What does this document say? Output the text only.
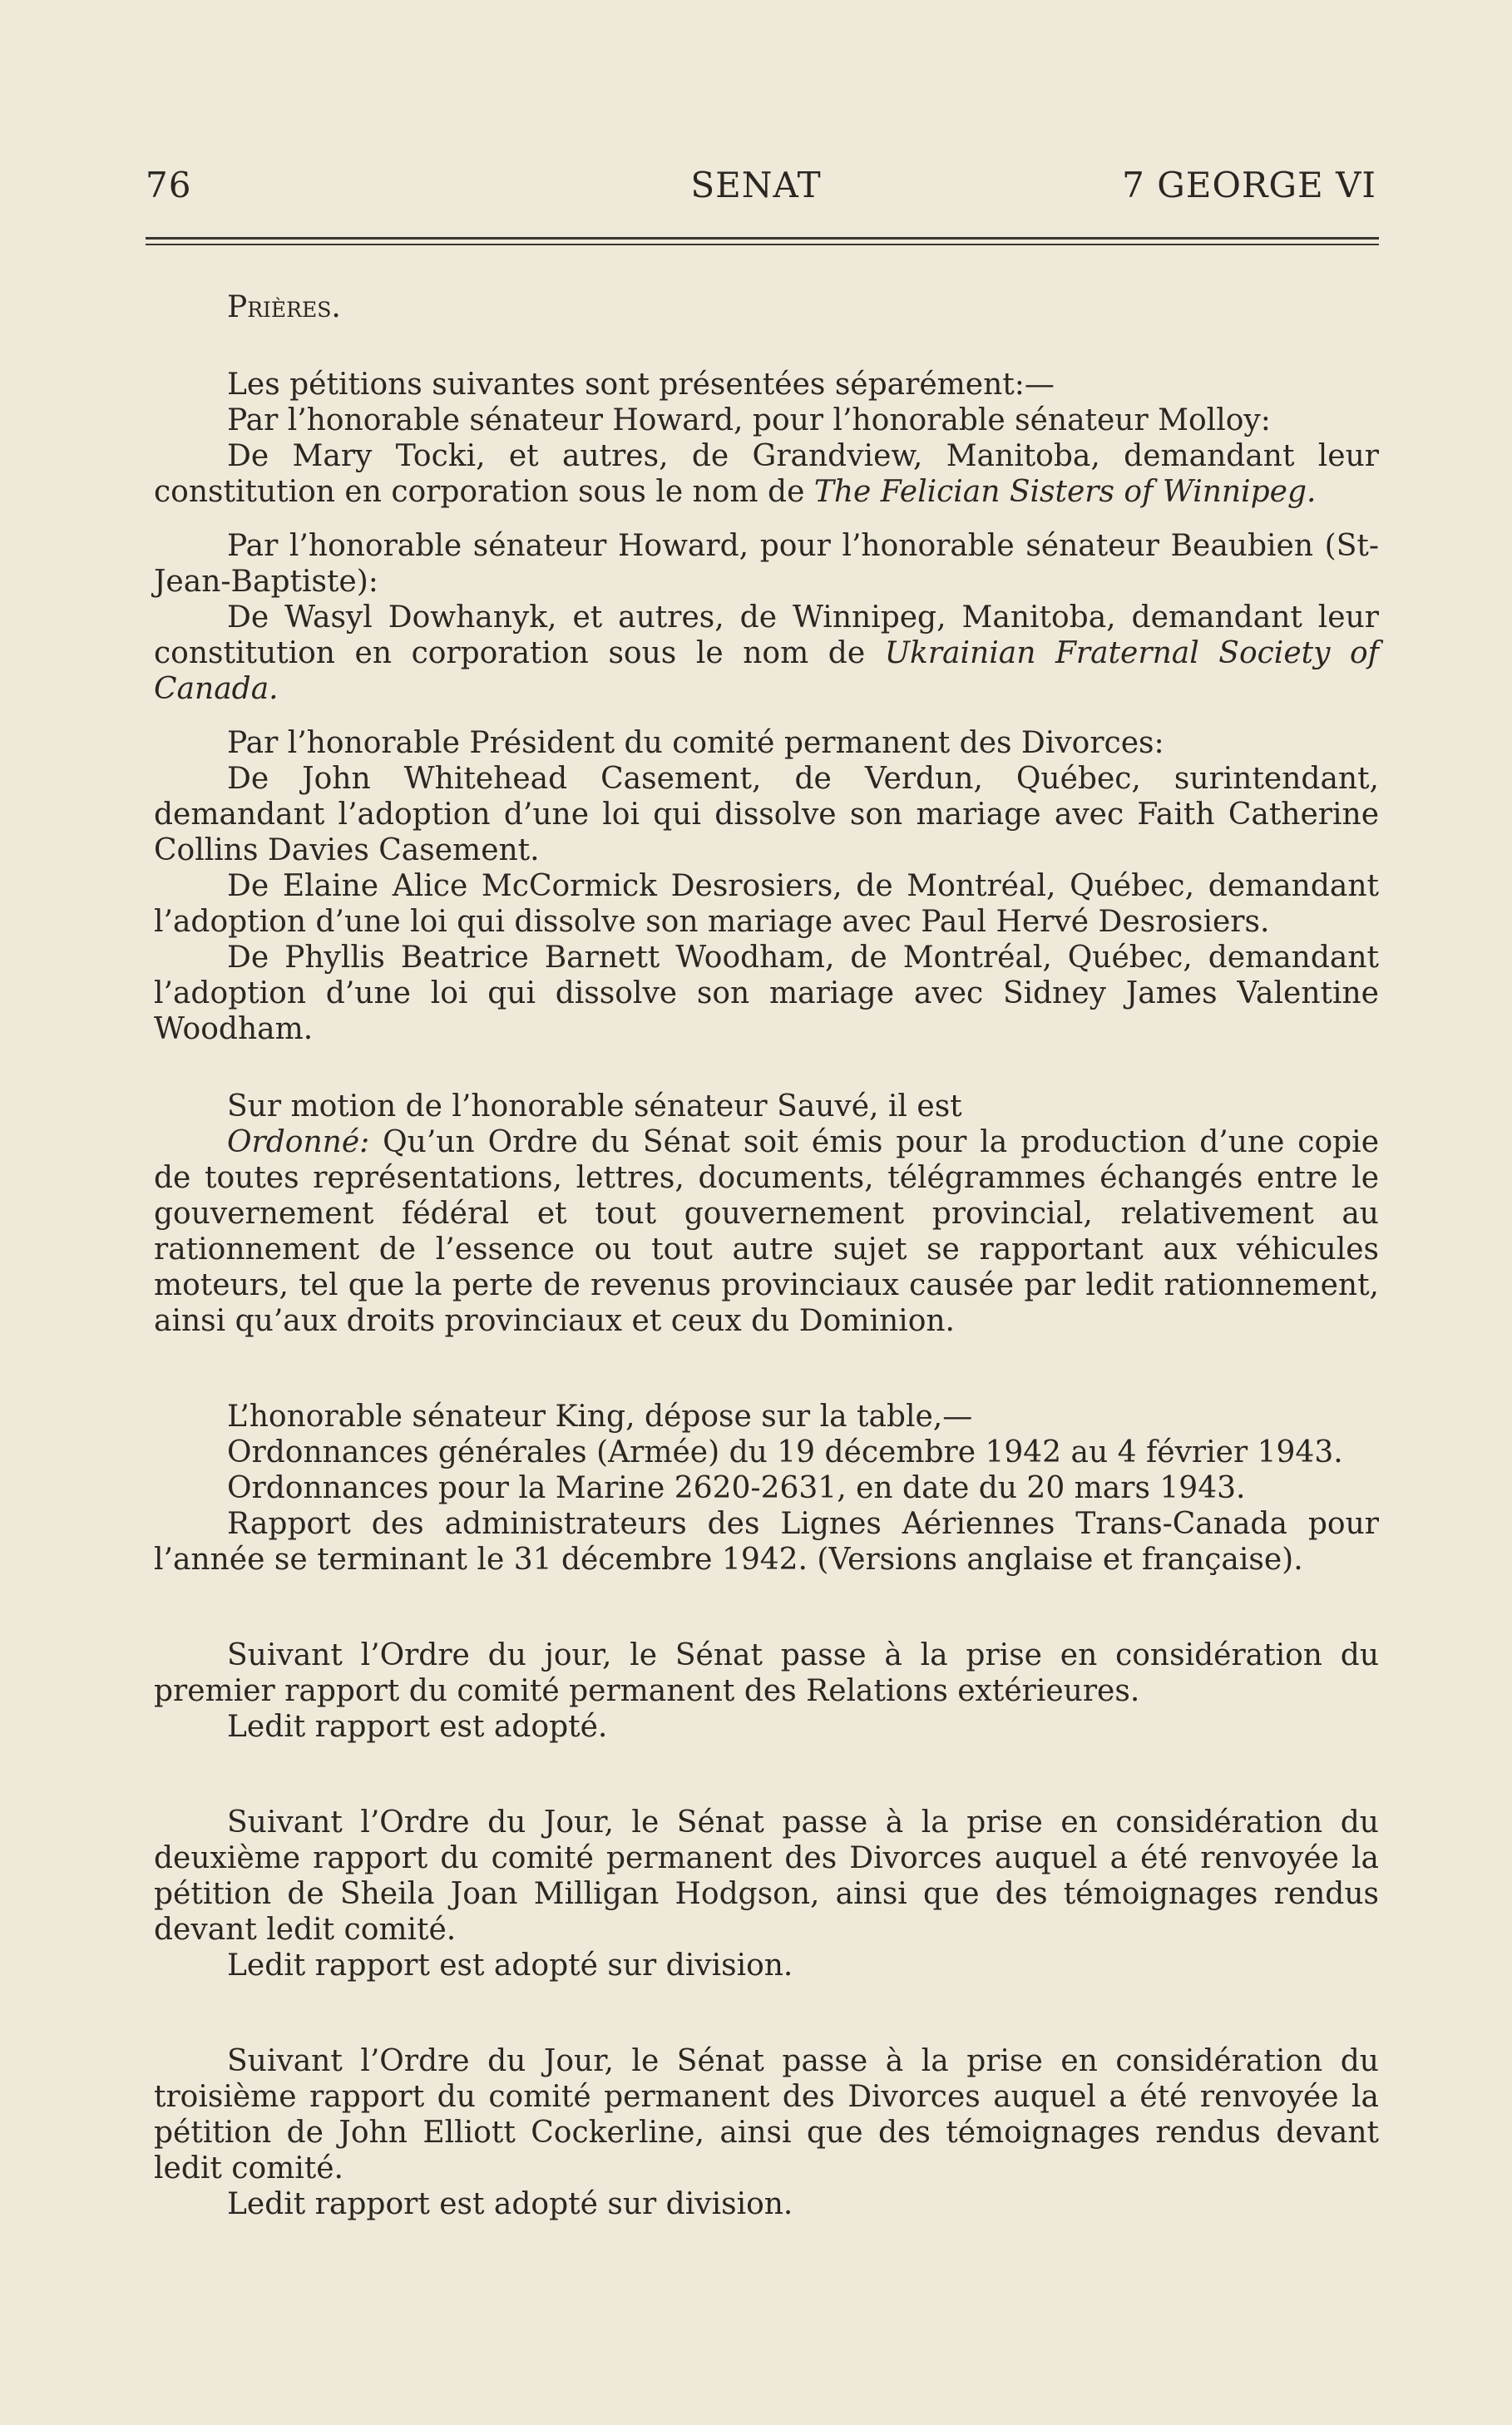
76	SENAT	7 GEORGE VI

Prières.

Les pétitions suivantes sont présentées séparément:—

Par l’honorable sénateur Howard, pour l’honorable sénateur Molloy:

De Mary Tocki, et autres, de Grandview, Manitoba, demandant leur constitution en corporation sous le nom de The Felician Sisters of Winnipeg.

Par l’honorable sénateur Howard, pour l’honorable sénateur Beaubien (St-Jean-Baptiste):

De Wasyl Dowhanyk, et autres, de Winnipeg, Manitoba, demandant leur constitution en corporation sous le nom de Ukrainian Fraternal Society of Canada.

Par l’honorable Président du comité permanent des Divorces:

De John Whitehead Casement, de Verdun, Québec, surintendant, demandant l’adoption d’une loi qui dissolve son mariage avec Faith Catherine Collins Davies Casement.

De Elaine Alice McCormick Desrosiers, de Montréal, Québec, demandant l’adoption d’une loi qui dissolve son mariage avec Paul Hervé Desrosiers.

De Phyllis Beatrice Barnett Woodham, de Montréal, Québec, demandant l’adoption d’une loi qui dissolve son mariage avec Sidney James Valentine Woodham.

Sur motion de l’honorable sénateur Sauvé, il est

Ordonné: Qu’un Ordre du Sénat soit émis pour la production d’une copie de toutes représentations, lettres, documents, télégrammes échangés entre le gouvernement fédéral et tout gouvernement provincial, relativement au rationnement de l’essence ou tout autre sujet se rapportant aux véhicules moteurs, tel que la perte de revenus provinciaux causée par ledit rationnement, ainsi qu’aux droits provinciaux et ceux du Dominion.

L’honorable sénateur King, dépose sur la table,—

Ordonnances générales (Armée) du 19 décembre 1942 au 4 février 1943.

Ordonnances pour la Marine 2620-2631, en date du 20 mars 1943.

Rapport des administrateurs des Lignes Aériennes Trans-Canada pour l’année se terminant le 31 décembre 1942. (Versions anglaise et française).

Suivant l’Ordre du jour, le Sénat passe à la prise en considération du premier rapport du comité permanent des Relations extérieures.

Ledit rapport est adopté.

Suivant l’Ordre du Jour, le Sénat passe à la prise en considération du deuxième rapport du comité permanent des Divorces auquel a été renvoyée la pétition de Sheila Joan Milligan Hodgson, ainsi que des témoignages rendus devant ledit comité.

Ledit rapport est adopté sur division.

Suivant l’Ordre du Jour, le Sénat passe à la prise en considération du troisième rapport du comité permanent des Divorces auquel a été renvoyée la pétition de John Elliott Cockerline, ainsi que des témoignages rendus devant ledit comité.

Ledit rapport est adopté sur division.
